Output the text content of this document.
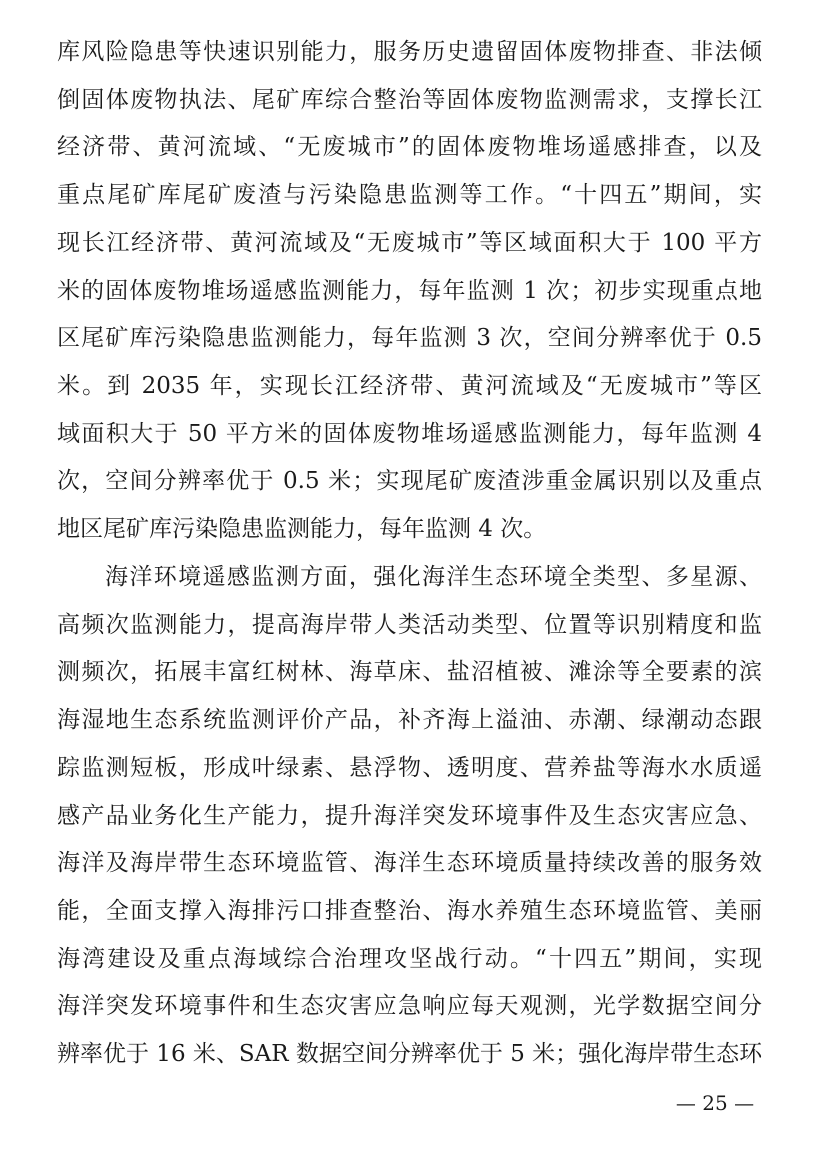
库风险隐患等快速识别能力，服务历史遗留固体废物排查、非法倾
倒固体废物执法、尾矿库综合整治等固体废物监测需求，支撑长江
经济带、黄河流域、“无废城市”的固体废物堆场遥感排查，以及
重点尾矿库尾矿废渣与污染隐患监测等工作。“十四五”期间，实
现长江经济带、黄河流域及“无废城市”等区域面积大于 100 平方
米的固体废物堆场遥感监测能力，每年监测 1 次；初步实现重点地
区尾矿库污染隐患监测能力，每年监测 3 次，空间分辨率优于 0.5
米。到 2035 年，实现长江经济带、黄河流域及“无废城市”等区
域面积大于 50 平方米的固体废物堆场遥感监测能力，每年监测 4
次，空间分辨率优于 0.5 米；实现尾矿废渣涉重金属识别以及重点
地区尾矿库污染隐患监测能力，每年监测 4 次。
海洋环境遥感监测方面，强化海洋生态环境全类型、多星源、
高频次监测能力，提高海岸带人类活动类型、位置等识别精度和监
测频次，拓展丰富红树林、海草床、盐沼植被、滩涂等全要素的滨
海湿地生态系统监测评价产品，补齐海上溢油、赤潮、绿潮动态跟
踪监测短板，形成叶绿素、悬浮物、透明度、营养盐等海水水质遥
感产品业务化生产能力，提升海洋突发环境事件及生态灾害应急、
海洋及海岸带生态环境监管、海洋生态环境质量持续改善的服务效
能，全面支撑入海排污口排查整治、海水养殖生态环境监管、美丽
海湾建设及重点海域综合治理攻坚战行动。“十四五”期间，实现
海洋突发环境事件和生态灾害应急响应每天观测，光学数据空间分
辨率优于 16 米、SAR 数据空间分辨率优于 5 米；强化海岸带生态环
— 25 —
